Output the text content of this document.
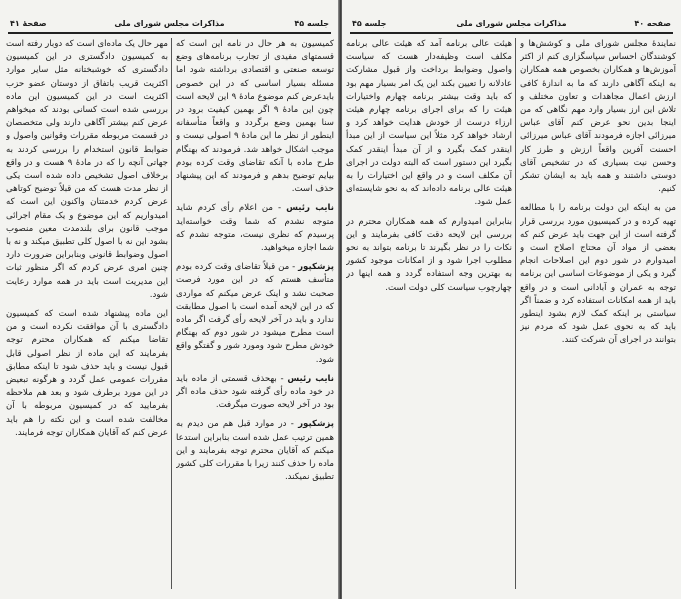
صفحهٔ ۴۱	مذاکرات مجلس شورای ملی	جلسه ۴۵

مهر حال یک ماده‌ای است که دوبار رفته است به کمیسیون دادگستری در این کمیسیون دادگستری که خوشبختانه مثل سایر موارد اکثریت قریب باتفاق از دوستان عضو حزب اکثریت است در این کمیسیون این ماده بررسی شده است کسانی بودند که میخواهم عرض کنم بیشتر آگاهی دارند ولی متخصصان در قسمت مربوطه مقررات وقوانین واصول و ضوابط قانون استخدام را بررسی کردند به جهاتی آنچه را که در مادهٔ ۹ هست و در واقع برخلاف اصول تشخیص داده شده است یکی از نظر مدت هست که من قبلاً توضیح کوتاهی عرض کردم خدمتتان واکنون این است که امیدواریم که این موضوع و یک مقام اجرائی موجب قانون برای بلندمدت معین منصوب بشود این نه با اصول کلی تطبیق میکند و نه با اصول وضوابط قانونی وبنابراین ضرورت دارد چنین امری عرض کردم که اگر منظور ثبات این مدیریت است باید در همه موارد رعایت شود.

این ماده پیشنهاد شده است که کمیسیون دادگستری با آن موافقت نکرده است و من تقاضا میکنم که همکاران محترم توجه بفرمایند که این ماده از نظر اصولی قابل قبول نیست و باید حذف شود تا اینکه مطابق مقررات عمومی عمل گردد و هرگونه تبعیض در این مورد برطرف شود و بعد هم ملاحظه بفرمایید که در کمیسیون مربوطه با آن مخالفت شده است و این نکته را هم باید عرض کنم که آقایان همکاران توجه فرمایند.

کمیسیون به هر حال در نامه این است که قسمتهای مفیدی از تجارب برنامه‌های وضع توسعه صنعتی و اقتصادی برداشته شود اما مسئله بسیار اساسی که در این خصوص بایدعرض کنم موضوع مادهٔ ۹ این لایحه است چون این مادهٔ ۹ اگر بهمین کیفیت برود در سنا بهمین وضع برگردد و واقعاً متأسفانه اینطور از نظر ما این مادهٔ ۹ اصولی نیست و موجب اشکال خواهد شد. فرمودند که بهنگام طرح ماده با آنکه تقاضای وقت کرده بودم بیایم توضیح بدهم و فرمودند که این پیشنهاد حذف است.

نایب رئیس - من اعلام رأی کردم شاید متوجه نشدم که شما وقت خواسته‌اید پرسیدم که نظری نیست، متوجه نشدم که شما اجازه میخواهید.

پزشکپور - من قبلاً تقاضای وقت کرده بودم متأسف هستم که در این مورد فرصت صحبت نشد و اینک عرض میکنم که مواردی که در این لایحه آمده است با اصول مطابقت ندارد و باید در آخر لایحه رأی گرفت اگر ماده است مطرح میشود در شور دوم که بهنگام خودش مطرح شود ومورد شور و گفتگو واقع شود.

نایب رئیس - بهحذف قسمتی از ماده باید در خود ماده رأی گرفته شود حذف ماده اگر بود در آخر لایحه صورت میگرفت.

پزشکپور - در موارد قبل هم من دیدم به همین ترتیب عمل شده است بنابراین استدعا میکنم که آقایان محترم توجه بفرمایند و این ماده را حذف کنند زیرا با مقررات کلی کشور تطبیق نمیکند.

جلسه ۴۵	مذاکرات مجلس شورای ملی	صفحه ۴۰

هیئت عالی برنامه آمد که هیئت عالی برنامه مکلف است وظیفه‌دار هست که سیاست واصول وضوابط برداخت واز قبول مشارکت عادلانه را تعیین بکند این یک امر بسیار مهم بود که باید وقت بیشتر برنامه چهارم واختیارات هیئت را که برای اجرای برنامه چهارم هیئت ارزاء درست از خودش هدایت خواهد کرد و ارشاد خواهد کرد مثلاً این سیاست از این مبدأ اینقدر کمک بگیرد و از آن مبدأ اینقدر کمک بگیرد این دستور است که البته دولت در اجرای آن مکلف است و در واقع این اختیارات را به هیئت عالی برنامه داده‌اند که به نحو شایسته‌ای عمل شود.

بنابراین امیدوارم که همه همکاران محترم در بررسی این لایحه دقت کافی بفرمایند و این نکات را در نظر بگیرند تا برنامه بتواند به نحو مطلوب اجرا شود و از امکانات موجود کشور به بهترین وجه استفاده گردد و همه اینها در چهارچوب سیاست کلی دولت است.

نمایندهٔ مجلس شورای ملی و کوشش‌ها و کوشندگان احساس سپاسگزاری کنم از اکثر آموزش‌ها و همکاران بخصوص همه همکاران به اینکه آگاهی دارند که ما به اندازهٔ کافی ارزش اعمال مجاهدات و تعاون مختلف و تلاش این ارز بسیار وارد مهم نگاهی که من اینجا بدین نحو عرض کنم آقای عباس میرزائی اجازه فرمودند آقای عباس میرزائی احسنت آفرین واقعاً ارزش و طرز کار وحسن نیت بسیاری که در تشخیص آقای دوستی داشتند و همه باید به ایشان تشکر کنیم.

من به اینکه این دولت برنامه را با مطالعه تهیه کرده و در کمیسیون مورد بررسی قرار گرفته است از این جهت باید عرض کنم که بعضی از مواد آن محتاج اصلاح است و امیدوارم در شور دوم این اصلاحات انجام گیرد و یکی از موضوعات اساسی این برنامه توجه به عمران و آبادانی است و در واقع باید از همه امکانات استفاده کرد و ضمناً اگر سیاستی بر اینکه کمک لازم بشود اینطور باید که به نحوی عمل شود که مردم نیز بتوانند در اجرای آن شرکت کنند.
